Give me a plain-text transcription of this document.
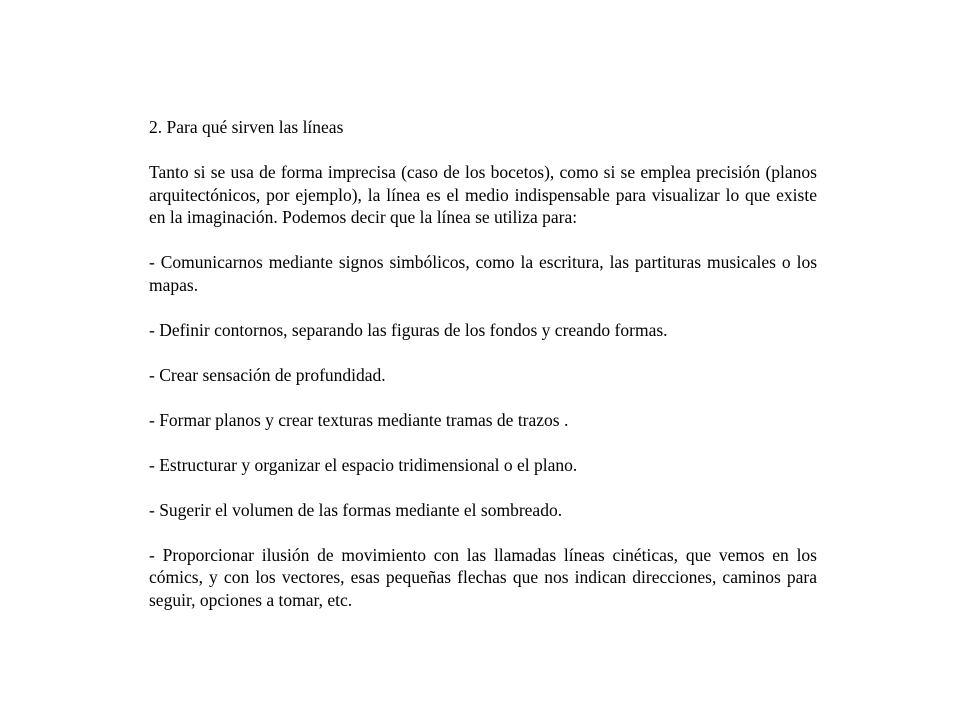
2. Para qué sirven las líneas

Tanto si se usa de forma imprecisa (caso de los bocetos), como si se emplea precisión (planos arquitectónicos, por ejemplo), la línea es el medio indispensable para visualizar lo que existe en la imaginación. Podemos decir que la línea se utiliza para:

- Comunicarnos mediante signos simbólicos, como la escritura, las partituras musicales o los mapas.
- Definir contornos, separando las figuras de los fondos y creando formas.
- Crear sensación de profundidad.
- Formar planos y crear texturas mediante tramas de trazos .
- Estructurar y organizar el espacio tridimensional o el plano.
- Sugerir el volumen de las formas mediante el sombreado.
- Proporcionar ilusión de movimiento con las llamadas líneas cinéticas, que vemos en los cómics, y con los vectores, esas pequeñas flechas que nos indican direcciones, caminos para seguir, opciones a tomar, etc.
